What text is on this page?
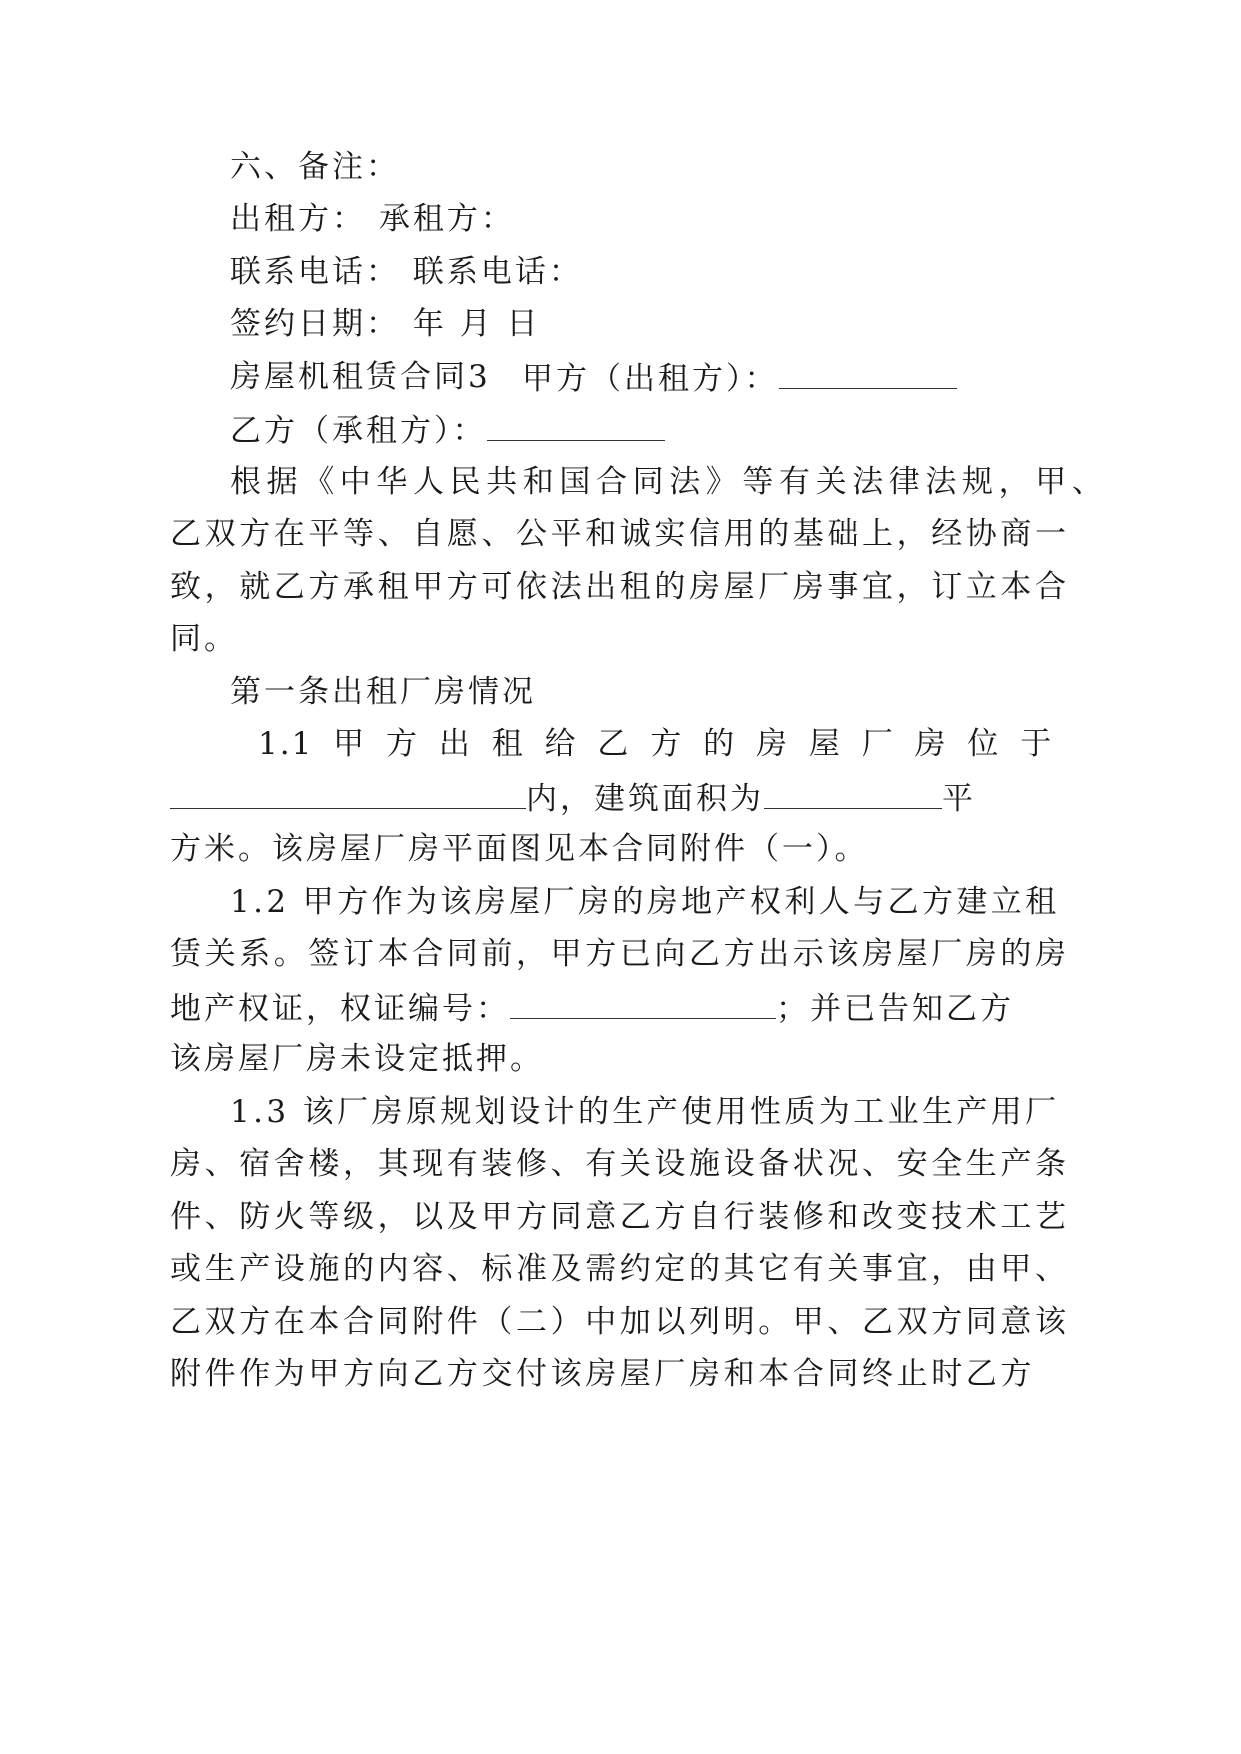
六、备注：
出租方： 承租方：
联系电话： 联系电话：
签约日期： 年 月 日
房屋机租赁合同3 甲方（出租方）：
乙方（承租方）：
根据《中华人民共和国合同法》等有关法律法规，甲、
乙双方在平等、自愿、公平和诚实信用的基础上，经协商一
致，就乙方承租甲方可依法出租的房屋厂房事宜，订立本合
同。
第一条出租厂房情况
1.1 甲 方 出 租 给 乙 方 的 房 屋 厂 房 位 于
内，建筑面积为	平
方米。该房屋厂房平面图见本合同附件（一）。
1.2 甲方作为该房屋厂房的房地产权利人与乙方建立租
赁关系。签订本合同前，甲方已向乙方出示该房屋厂房的房
地产权证，权证编号：	；并已告知乙方
该房屋厂房未设定抵押。
1.3 该厂房原规划设计的生产使用性质为工业生产用厂
房、宿舍楼，其现有装修、有关设施设备状况、安全生产条
件、防火等级，以及甲方同意乙方自行装修和改变技术工艺
或生产设施的内容、标准及需约定的其它有关事宜，由甲、
乙双方在本合同附件（二）中加以列明。甲、乙双方同意该
附件作为甲方向乙方交付该房屋厂房和本合同终止时乙方
